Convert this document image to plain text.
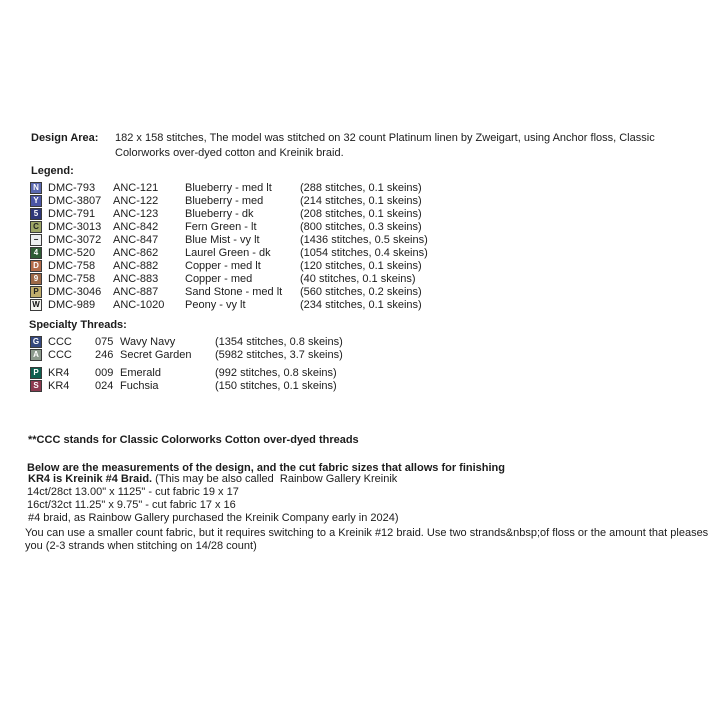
Design Area:	182 x 158 stitches, The model was stitched on 32 count Platinum linen by Zweigart, using Anchor floss, Classic Colorworks over-dyed cotton and Kreinik braid.
Legend:
N DMC-793	ANC-121	Blueberry - med lt	(288 stitches, 0.1 skeins)
Y DMC-3807	ANC-122	Blueberry - med	(214 stitches, 0.1 skeins)
5 DMC-791	ANC-123	Blueberry - dk	(208 stitches, 0.1 skeins)
C DMC-3013	ANC-842	Fern Green - lt	(800 stitches, 0.3 skeins)
− DMC-3072	ANC-847	Blue Mist - vy lt	(1436 stitches, 0.5 skeins)
4 DMC-520	ANC-862	Laurel Green - dk	(1054 stitches, 0.4 skeins)
D DMC-758	ANC-882	Copper - med lt	(120 stitches, 0.1 skeins)
9 DMC-758	ANC-883	Copper - med	(40 stitches, 0.1 skeins)
P DMC-3046	ANC-887	Sand Stone - med lt	(560 stitches, 0.2 skeins)
W DMC-989	ANC-1020	Peony - vy lt	(234 stitches, 0.1 skeins)
Specialty Threads:
G CCC	075 Wavy Navy	(1354 stitches, 0.8 skeins)
A CCC	246 Secret Garden	(5982 stitches, 3.7 skeins)
P KR4	009 Emerald	(992 stitches, 0.8 skeins)
S KR4	024 Fuchsia	(150 stitches, 0.1 skeins)

**CCC stands for Classic Colorworks Cotton over-dyed threads

KR4 is Kreinik #4 Braid. (This may be also called  Rainbow Gallery Kreinik

#4 braid, as Rainbow Gallery purchased the Kreinik Company early in 2024)

Below are the measurements of the design, and the cut fabric sizes that allows for finishing
14ct/28ct 13.00" x 1125" - cut fabric 19 x 17
16ct/32ct 11.25" x 9.75" - cut fabric 17 x 16
You can use a smaller count fabric, but it requires switching to a Kreinik #12 braid. Use two strands&nbsp;of floss or the amount that pleases you (2-3 strands when stitching on 14/28 count)
